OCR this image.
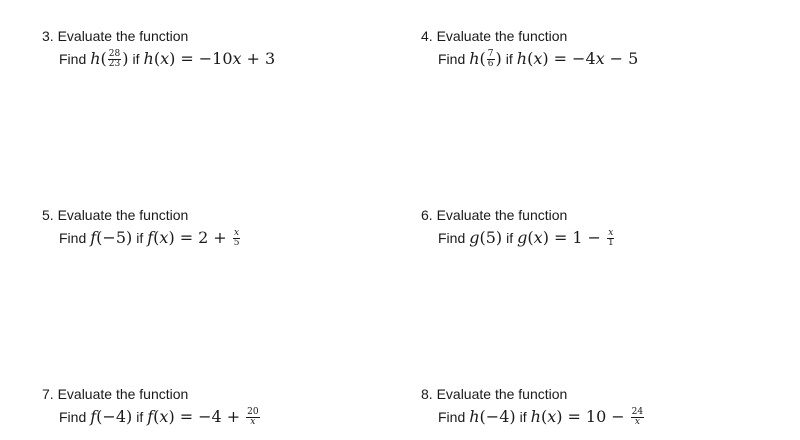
3. Evaluate the function
Find $h( \frac{28}{23}$ ) if h(x) = −10x + 3
4. Evaluate the function
Find $h( \frac{7}{6}$ ) if h(x) = −4x − 5
5. Evaluate the function
Find f(−5) if $f(x) = 2 + \frac{x}{5}$
6. Evaluate the function
Find g(5) if $g(x) = 1 - \frac{x}{1}$
7. Evaluate the function
Find f(−4) if $f(x) = -4 + \frac{20}{x}$
8. Evaluate the function
Find h(−4) if $h(x) = 10 - \frac{24}{x}$
